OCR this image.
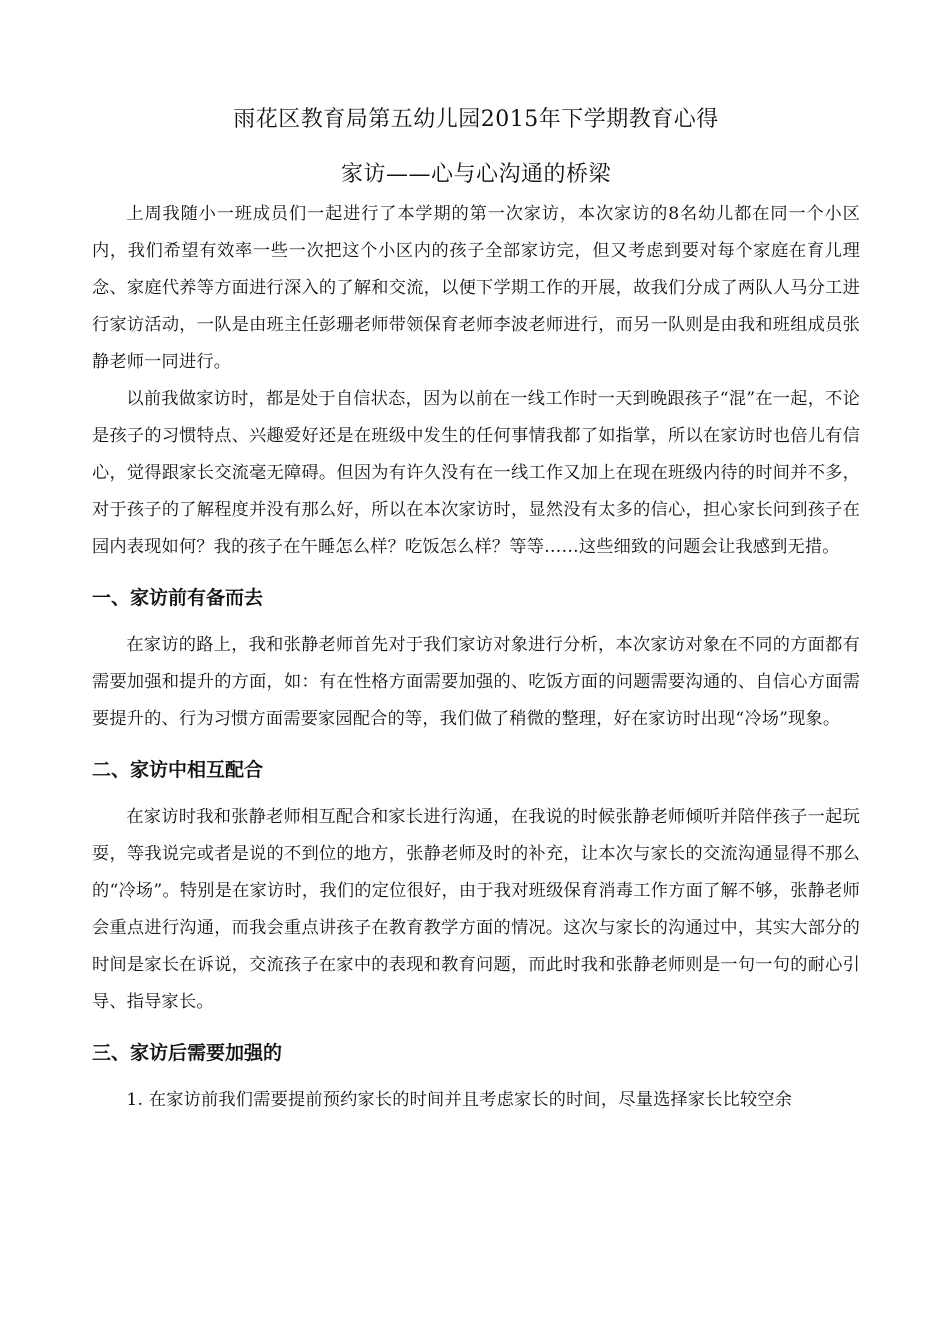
雨花区教育局第五幼儿园2015年下学期教育心得
家访——心与心沟通的桥梁

上周我随小一班成员们一起进行了本学期的第一次家访，本次家访的8名幼儿都在同一个小区内，我们希望有效率一些一次把这个小区内的孩子全部家访完，但又考虑到要对每个家庭在育儿理念、家庭代养等方面进行深入的了解和交流，以便下学期工作的开展，故我们分成了两队人马分工进行家访活动，一队是由班主任彭珊老师带领保育老师李波老师进行，而另一队则是由我和班组成员张静老师一同进行。

以前我做家访时，都是处于自信状态，因为以前在一线工作时一天到晚跟孩子“混”在一起，不论是孩子的习惯特点、兴趣爱好还是在班级中发生的任何事情我都了如指掌，所以在家访时也倍儿有信心，觉得跟家长交流毫无障碍。但因为有许久没有在一线工作又加上在现在班级内待的时间并不多，对于孩子的了解程度并没有那么好，所以在本次家访时，显然没有太多的信心，担心家长问到孩子在园内表现如何？我的孩子在午睡怎么样？吃饭怎么样？等等……这些细致的问题会让我感到无措。

一、家访前有备而去

在家访的路上，我和张静老师首先对于我们家访对象进行分析，本次家访对象在不同的方面都有需要加强和提升的方面，如：有在性格方面需要加强的、吃饭方面的问题需要沟通的、自信心方面需要提升的、行为习惯方面需要家园配合的等，我们做了稍微的整理，好在家访时出现“冷场”现象。

二、家访中相互配合

在家访时我和张静老师相互配合和家长进行沟通，在我说的时候张静老师倾听并陪伴孩子一起玩耍，等我说完或者是说的不到位的地方，张静老师及时的补充，让本次与家长的交流沟通显得不那么的“冷场”。特别是在家访时，我们的定位很好，由于我对班级保育消毒工作方面了解不够，张静老师会重点进行沟通，而我会重点讲孩子在教育教学方面的情况。这次与家长的沟通过中，其实大部分的时间是家长在诉说，交流孩子在家中的表现和教育问题，而此时我和张静老师则是一句一句的耐心引导、指导家长。

三、家访后需要加强的

1. 在家访前我们需要提前预约家长的时间并且考虑家长的时间，尽量选择家长比较空余
